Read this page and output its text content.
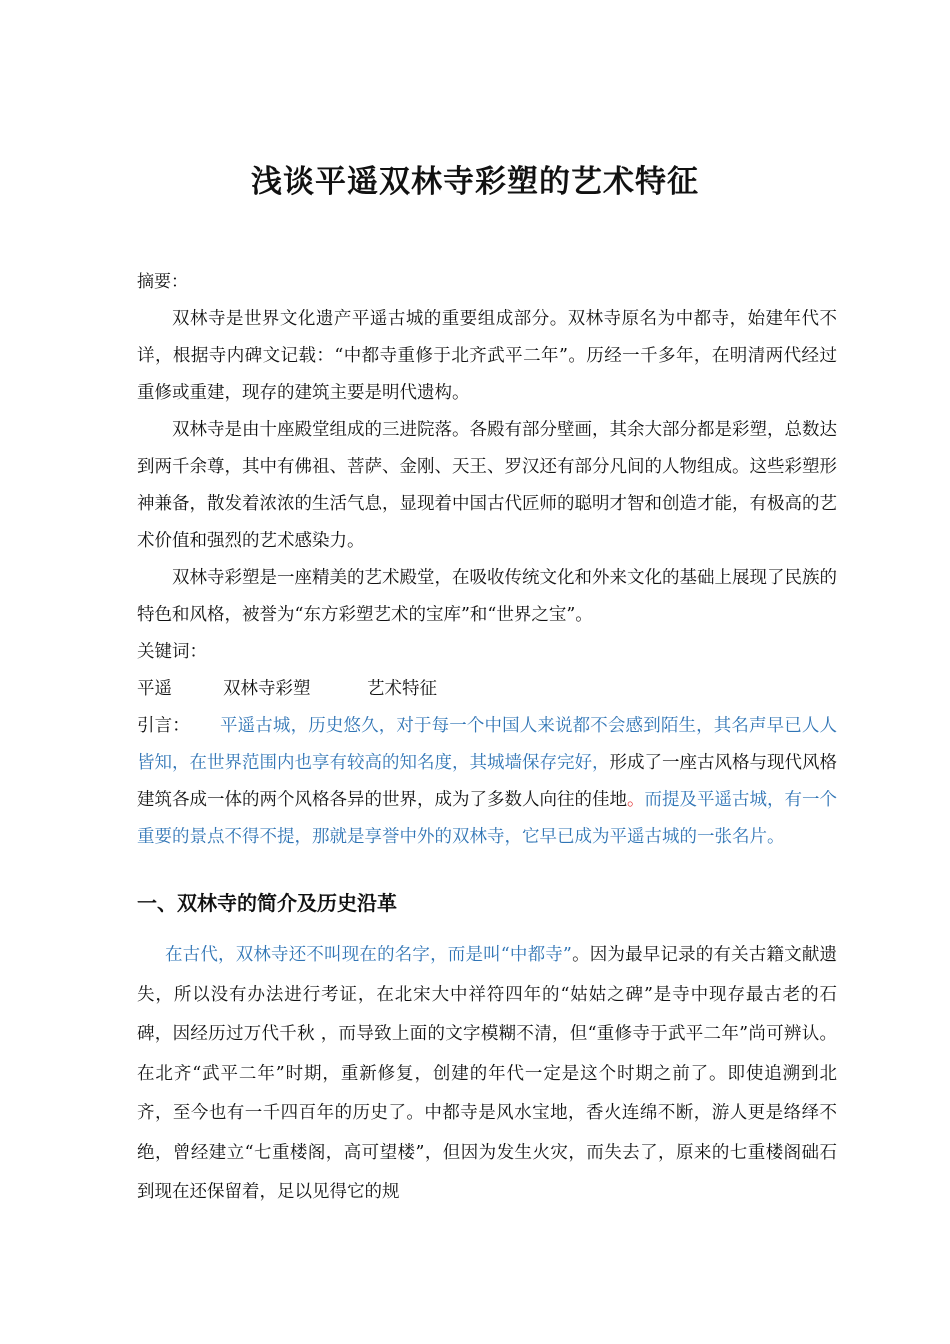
浅谈平遥双林寺彩塑的艺术特征

摘要：

双林寺是世界文化遗产平遥古城的重要组成部分。双林寺原名为中都寺，始建年代不详，根据寺内碑文记载：“中都寺重修于北齐武平二年”。历经一千多年，在明清两代经过重修或重建，现存的建筑主要是明代遗构。

双林寺是由十座殿堂组成的三进院落。各殿有部分壁画，其余大部分都是彩塑，总数达到两千余尊，其中有佛祖、菩萨、金刚、天王、罗汉还有部分凡间的人物组成。这些彩塑形神兼备，散发着浓浓的生活气息，显现着中国古代匠师的聪明才智和创造才能，有极高的艺术价值和强烈的艺术感染力。

双林寺彩塑是一座精美的艺术殿堂，在吸收传统文化和外来文化的基础上展现了民族的特色和风格，被誉为“东方彩塑艺术的宝库”和“世界之宝”。

关键词：

平遥	双林寺彩塑	艺术特征

引言： 平遥古城，历史悠久，对于每一个中国人来说都不会感到陌生，其名声早已人人皆知，在世界范围内也享有较高的知名度，其城墙保存完好，形成了一座古风格与现代风格建筑各成一体的两个风格各异的世界，成为了多数人向往的佳地。而提及平遥古城，有一个重要的景点不得不提，那就是享誉中外的双林寺，它早已成为平遥古城的一张名片。

一、双林寺的简介及历史沿革

在古代，双林寺还不叫现在的名字，而是叫“中都寺”。因为最早记录的有关古籍文献遗失，所以没有办法进行考证，在北宋大中祥符四年的“姑姑之碑”是寺中现存最古老的石碑，因经历过万代千秋 ，而导致上面的文字模糊不清，但“重修寺于武平二年”尚可辨认。在北齐“武平二年”时期，重新修复，创建的年代一定是这个时期之前了。即使追溯到北齐，至今也有一千四百年的历史了。中都寺是风水宝地，香火连绵不断，游人更是络绎不绝，曾经建立“七重楼阁，高可望楼”，但因为发生火灾，而失去了，原来的七重楼阁础石到现在还保留着，足以见得它的规
